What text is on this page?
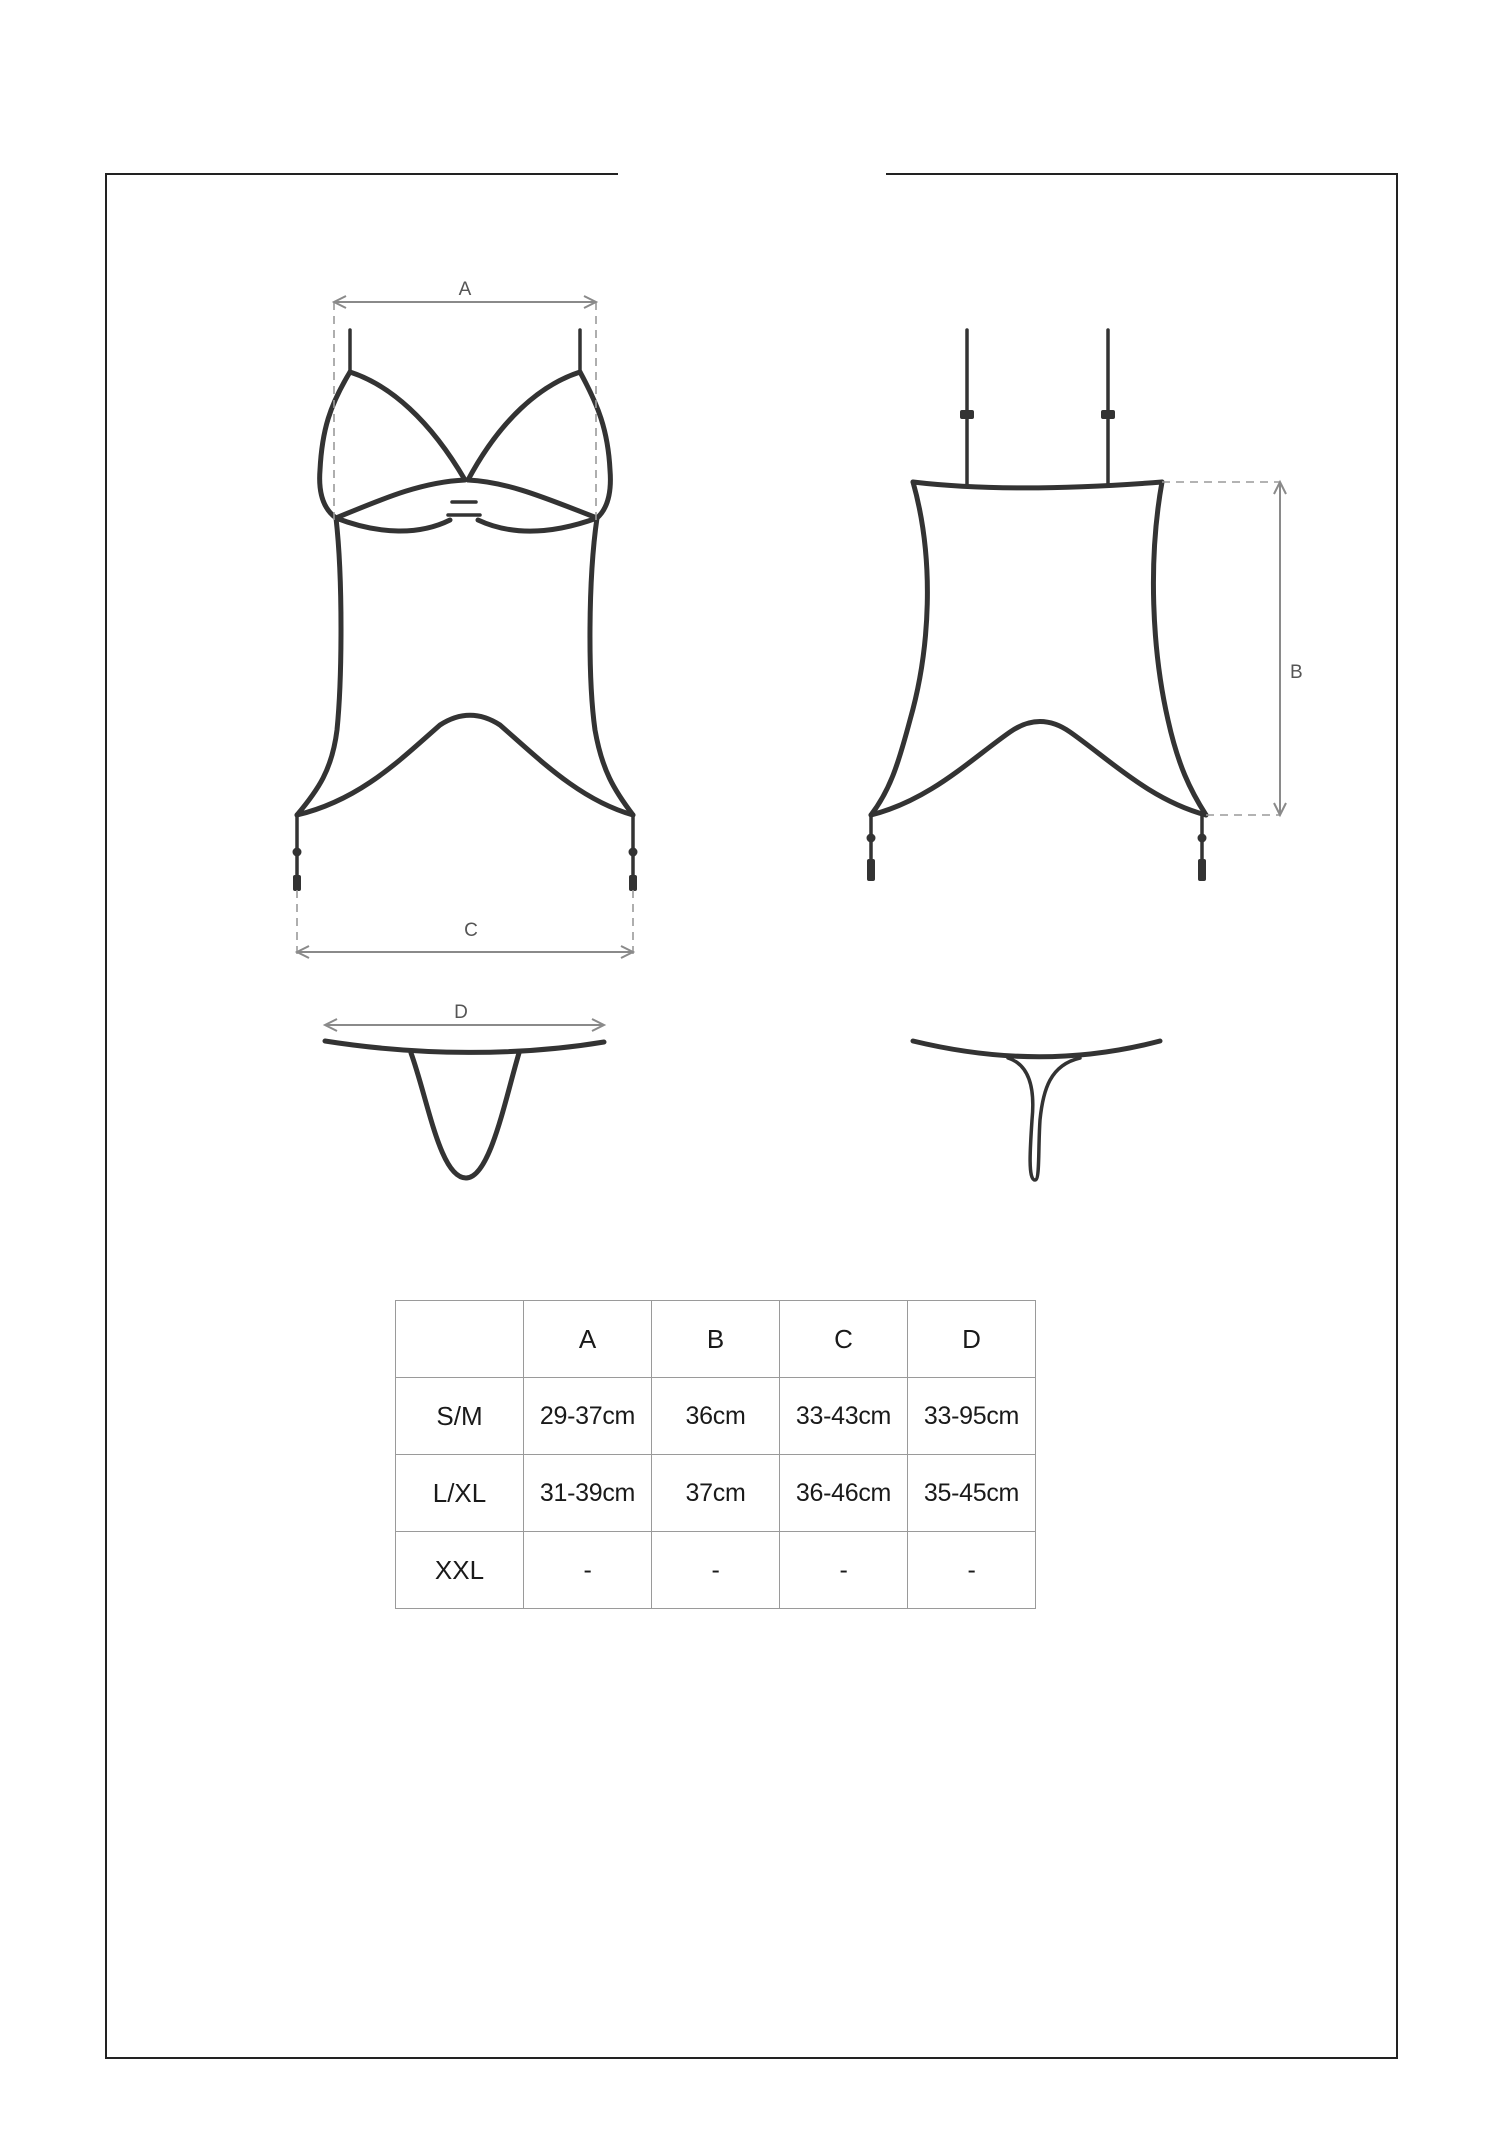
A
C
B
D
	A	B	C	D
S/M	29-37cm	36cm	33-43cm	33-95cm
L/XL	31-39cm	37cm	36-46cm	35-45cm
XXL	-	-	-	-
